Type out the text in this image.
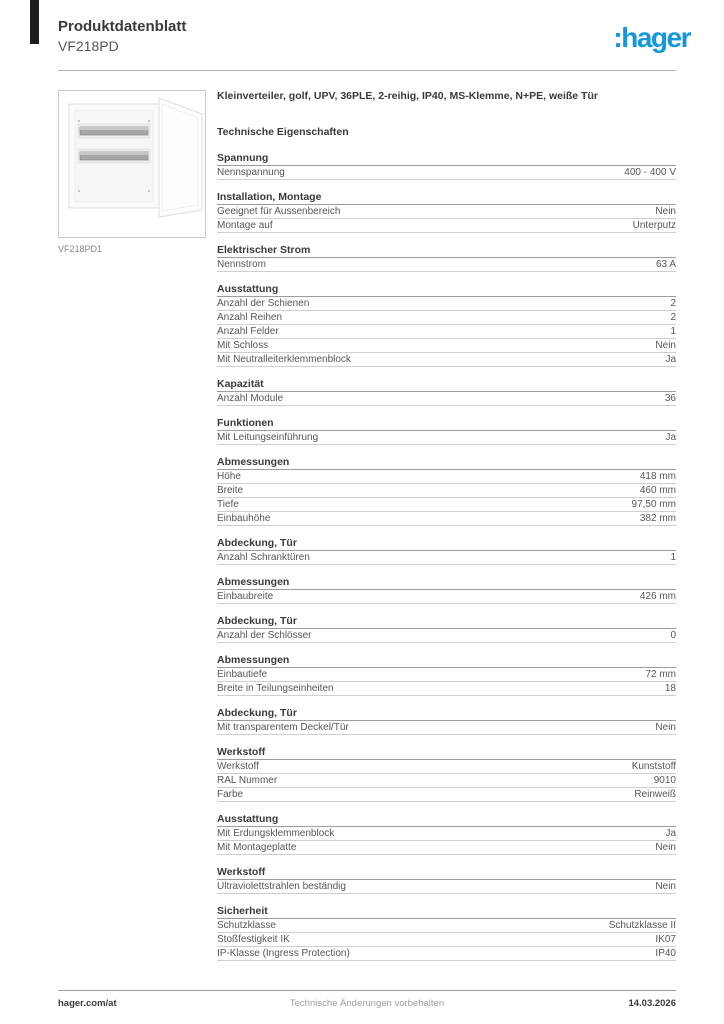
Produktdatenblatt
VF218PD	:hager
VF218PD1
Kleinverteiler, golf, UPV, 36PLE, 2-reihig, IP40, MS-Klemme, N+PE, weiße Tür
Technische Eigenschaften
Spannung
Nennspannung	400 - 400 V
Installation, Montage
Geeignet für Aussenbereich	Nein
Montage auf	Unterputz
Elektrischer Strom
Nennstrom	63 A
Ausstattung
Anzahl der Schienen	2
Anzahl Reihen	2
Anzahl Felder	1
Mit Schloss	Nein
Mit Neutralleiterklemmenblock	Ja
Kapazität
Anzahl Module	36
Funktionen
Mit Leitungseinführung	Ja
Abmessungen
Höhe	418 mm
Breite	460 mm
Tiefe	97,50 mm
Einbauhöhe	382 mm
Abdeckung, Tür
Anzahl Schranktüren	1
Abmessungen
Einbaubreite	426 mm
Abdeckung, Tür
Anzahl der Schlösser	0
Abmessungen
Einbautiefe	72 mm
Breite in Teilungseinheiten	18
Abdeckung, Tür
Mit transparentem Deckel/Tür	Nein
Werkstoff
Werkstoff	Kunststoff
RAL Nummer	9010
Farbe	Reinweiß
Ausstattung
Mit Erdungsklemmenblock	Ja
Mit Montageplatte	Nein
Werkstoff
Ultraviolettstrahlen beständig	Nein
Sicherheit
Schutzklasse	Schutzklasse II
Stoßfestigkeit IK	IK07
IP-Klasse (Ingress Protection)	IP40
hager.com/at	Technische Änderungen vorbehalten	14.03.2026
